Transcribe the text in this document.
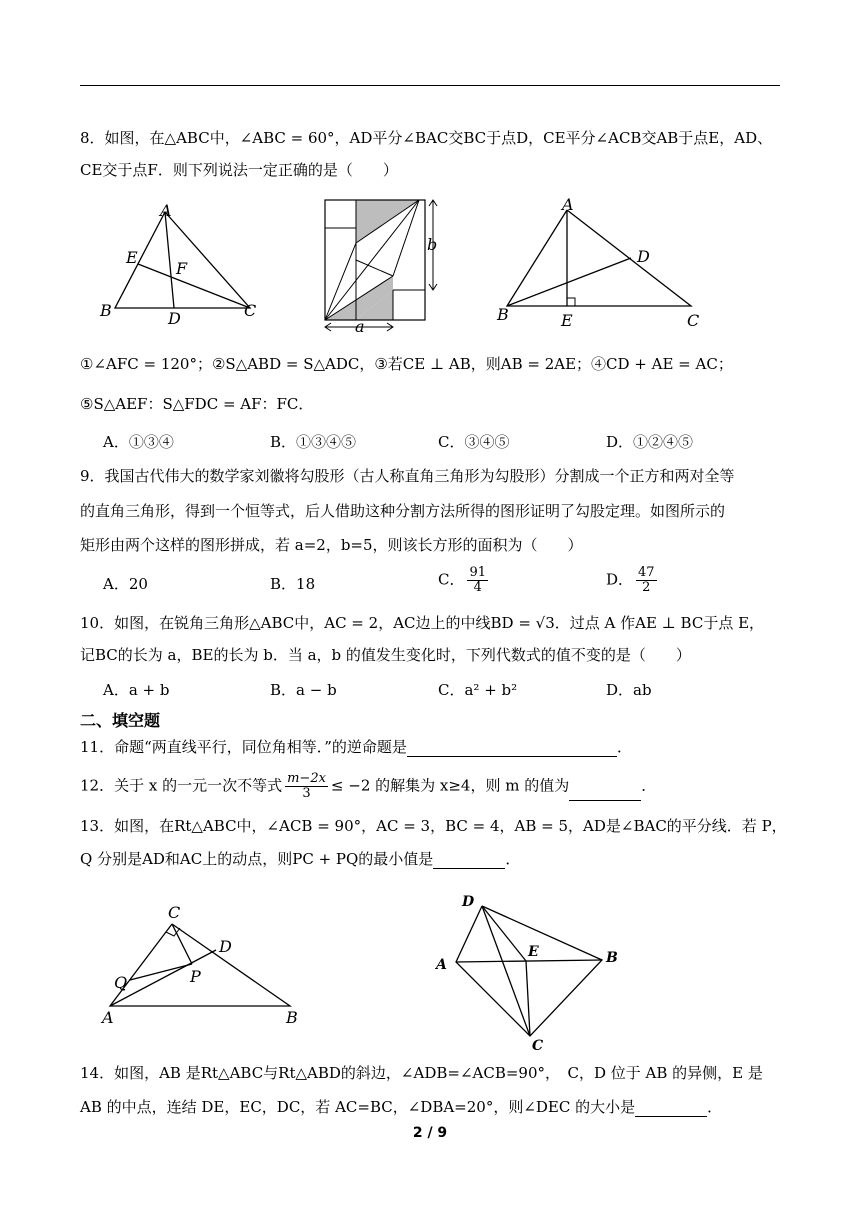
8．如图，在△ABC中，∠ABC = 60°，AD平分∠BAC交BC于点D，CE平分∠ACB交AB于点E，AD、
CE交于点F．则下列说法一定正确的是（　　）
A
E
F
B	D	C
b
a
A
D
B	E	C
①∠AFC = 120°；②S△ABD = S△ADC，③若CE ⊥ AB，则AB = 2AE；④CD + AE = AC；
⑤S△AEF：S△FDC = AF：FC．
A．①③④	B．①③④⑤	C．③④⑤	D．①②④⑤
9．我国古代伟大的数学家刘徽将勾股形（古人称直角三角形为勾股形）分割成一个正方和两对全等
的直角三角形，得到一个恒等式，后人借助这种分割方法所得的图形证明了勾股定理。如图所示的
矩形由两个这样的图形拼成，若 a=2，b=5，则该长方形的面积为（　　）
A．20	B．18	C． $\frac{91}{4}$	D． $\frac{47}{2}$
10．如图，在锐角三角形△ABC中，AC = 2，AC边上的中线BD = √3．过点 A 作AE ⊥ BC于点 E，
记BC的长为 a，BE的长为 b．当 a，b 的值发生变化时，下列代数式的值不变的是（　　）
A．a + b	B．a − b	C．a² + b²	D．ab
二、填空题
11．命题“两直线平行，同位角相等．”的逆命题是	．
12．关于 x 的一元一次不等式 $\frac{m-2x}{3} \le -2$ 的解集为 x≥4，则 m 的值为	．
13．如图，在Rt△ABC中，∠ACB = 90°，AC = 3，BC = 4，AB = 5，AD是∠BAC的平分线．若 P，
Q 分别是AD和AC上的动点，则PC + PQ的最小值是	．
C
D
Q	P
A	B
D
E
A	B
C
14．如图，AB 是Rt△ABC与Rt△ABD的斜边，∠ADB=∠ACB=90°，　C，D 位于 AB 的异侧，E 是
AB 的中点，连结 DE，EC，DC，若 AC=BC，∠DBA=20°，则∠DEC 的大小是	．
2 / 9
